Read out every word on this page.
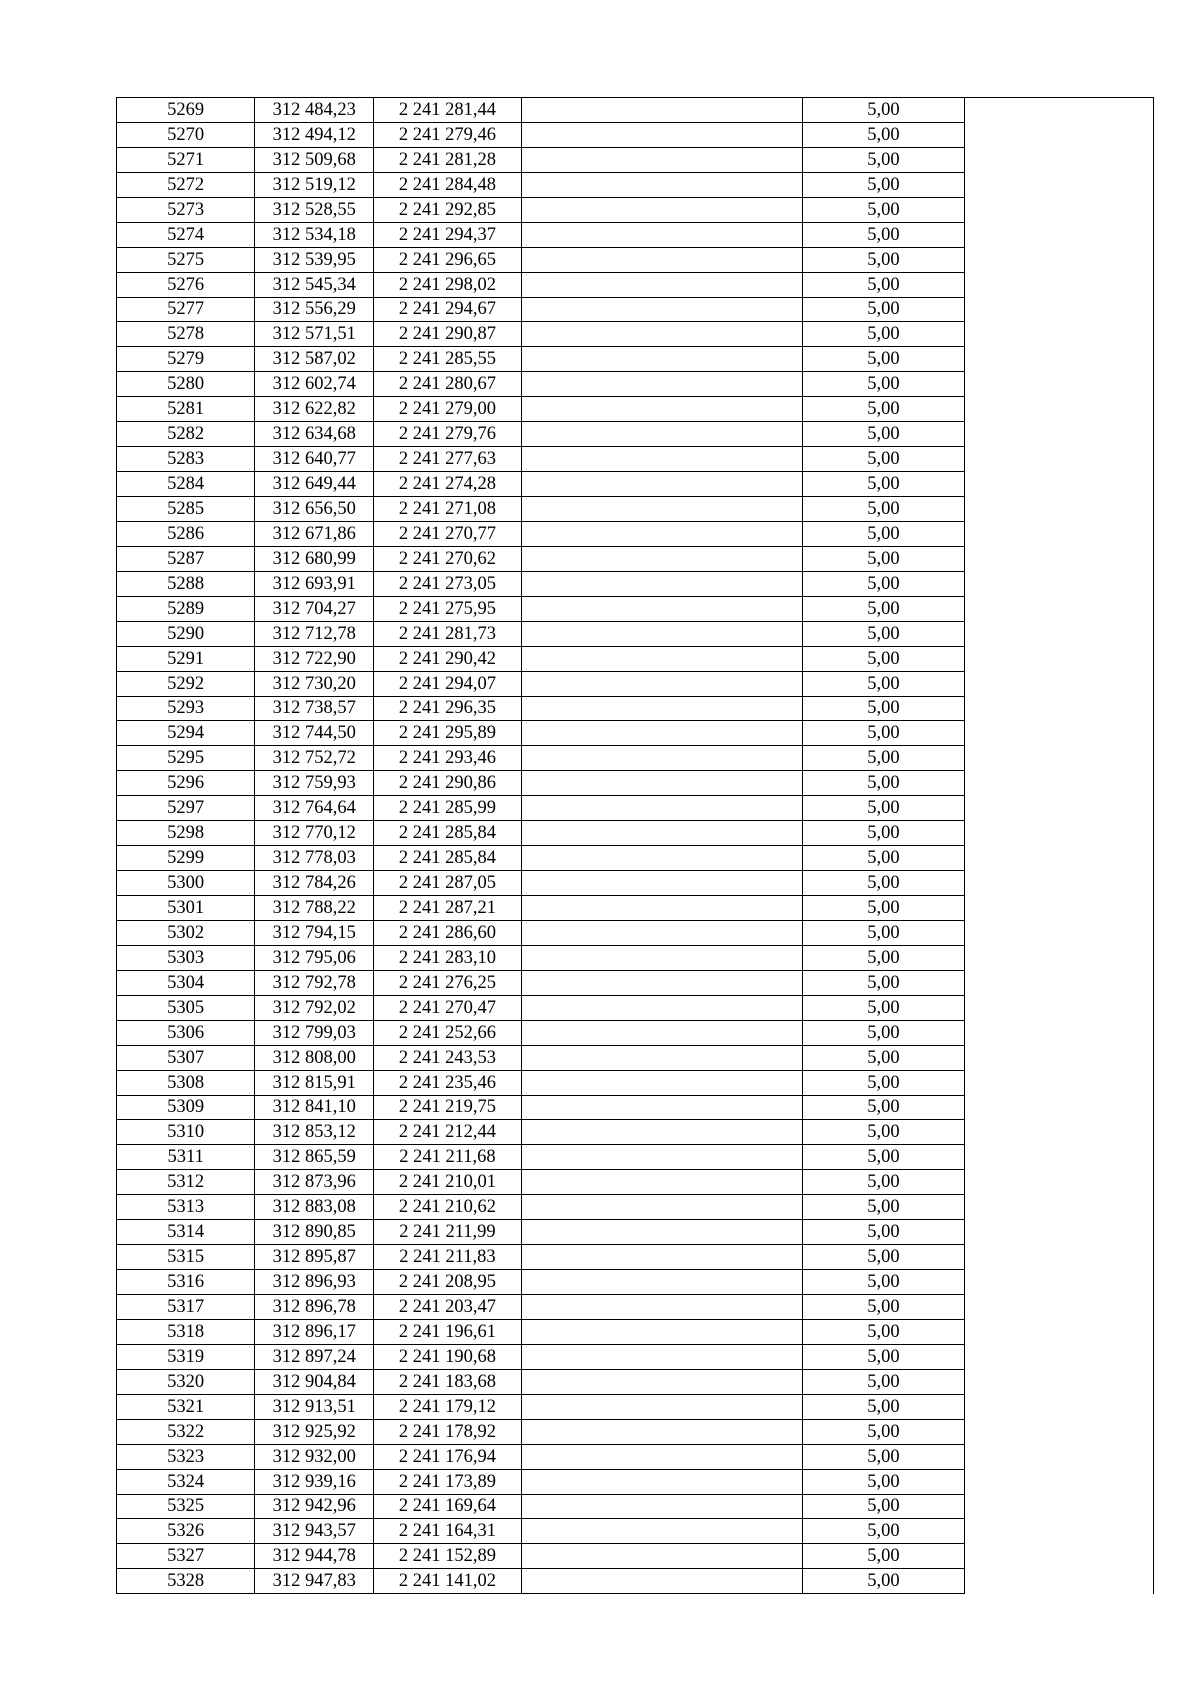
5269	312 484,23	2 241 281,44		5,00	
5270	312 494,12	2 241 279,46		5,00	
5271	312 509,68	2 241 281,28		5,00	
5272	312 519,12	2 241 284,48		5,00	
5273	312 528,55	2 241 292,85		5,00	
5274	312 534,18	2 241 294,37		5,00	
5275	312 539,95	2 241 296,65		5,00	
5276	312 545,34	2 241 298,02		5,00	
5277	312 556,29	2 241 294,67		5,00	
5278	312 571,51	2 241 290,87		5,00	
5279	312 587,02	2 241 285,55		5,00	
5280	312 602,74	2 241 280,67		5,00	
5281	312 622,82	2 241 279,00		5,00	
5282	312 634,68	2 241 279,76		5,00	
5283	312 640,77	2 241 277,63		5,00	
5284	312 649,44	2 241 274,28		5,00	
5285	312 656,50	2 241 271,08		5,00	
5286	312 671,86	2 241 270,77		5,00	
5287	312 680,99	2 241 270,62		5,00	
5288	312 693,91	2 241 273,05		5,00	
5289	312 704,27	2 241 275,95		5,00	
5290	312 712,78	2 241 281,73		5,00	
5291	312 722,90	2 241 290,42		5,00	
5292	312 730,20	2 241 294,07		5,00	
5293	312 738,57	2 241 296,35		5,00	
5294	312 744,50	2 241 295,89		5,00	
5295	312 752,72	2 241 293,46		5,00	
5296	312 759,93	2 241 290,86		5,00	
5297	312 764,64	2 241 285,99		5,00	
5298	312 770,12	2 241 285,84		5,00	
5299	312 778,03	2 241 285,84		5,00	
5300	312 784,26	2 241 287,05		5,00	
5301	312 788,22	2 241 287,21		5,00	
5302	312 794,15	2 241 286,60		5,00	
5303	312 795,06	2 241 283,10		5,00	
5304	312 792,78	2 241 276,25		5,00	
5305	312 792,02	2 241 270,47		5,00	
5306	312 799,03	2 241 252,66		5,00	
5307	312 808,00	2 241 243,53		5,00	
5308	312 815,91	2 241 235,46		5,00	
5309	312 841,10	2 241 219,75		5,00	
5310	312 853,12	2 241 212,44		5,00	
5311	312 865,59	2 241 211,68		5,00	
5312	312 873,96	2 241 210,01		5,00	
5313	312 883,08	2 241 210,62		5,00	
5314	312 890,85	2 241 211,99		5,00	
5315	312 895,87	2 241 211,83		5,00	
5316	312 896,93	2 241 208,95		5,00	
5317	312 896,78	2 241 203,47		5,00	
5318	312 896,17	2 241 196,61		5,00	
5319	312 897,24	2 241 190,68		5,00	
5320	312 904,84	2 241 183,68		5,00	
5321	312 913,51	2 241 179,12		5,00	
5322	312 925,92	2 241 178,92		5,00	
5323	312 932,00	2 241 176,94		5,00	
5324	312 939,16	2 241 173,89		5,00	
5325	312 942,96	2 241 169,64		5,00	
5326	312 943,57	2 241 164,31		5,00	
5327	312 944,78	2 241 152,89		5,00	
5328	312 947,83	2 241 141,02		5,00	
